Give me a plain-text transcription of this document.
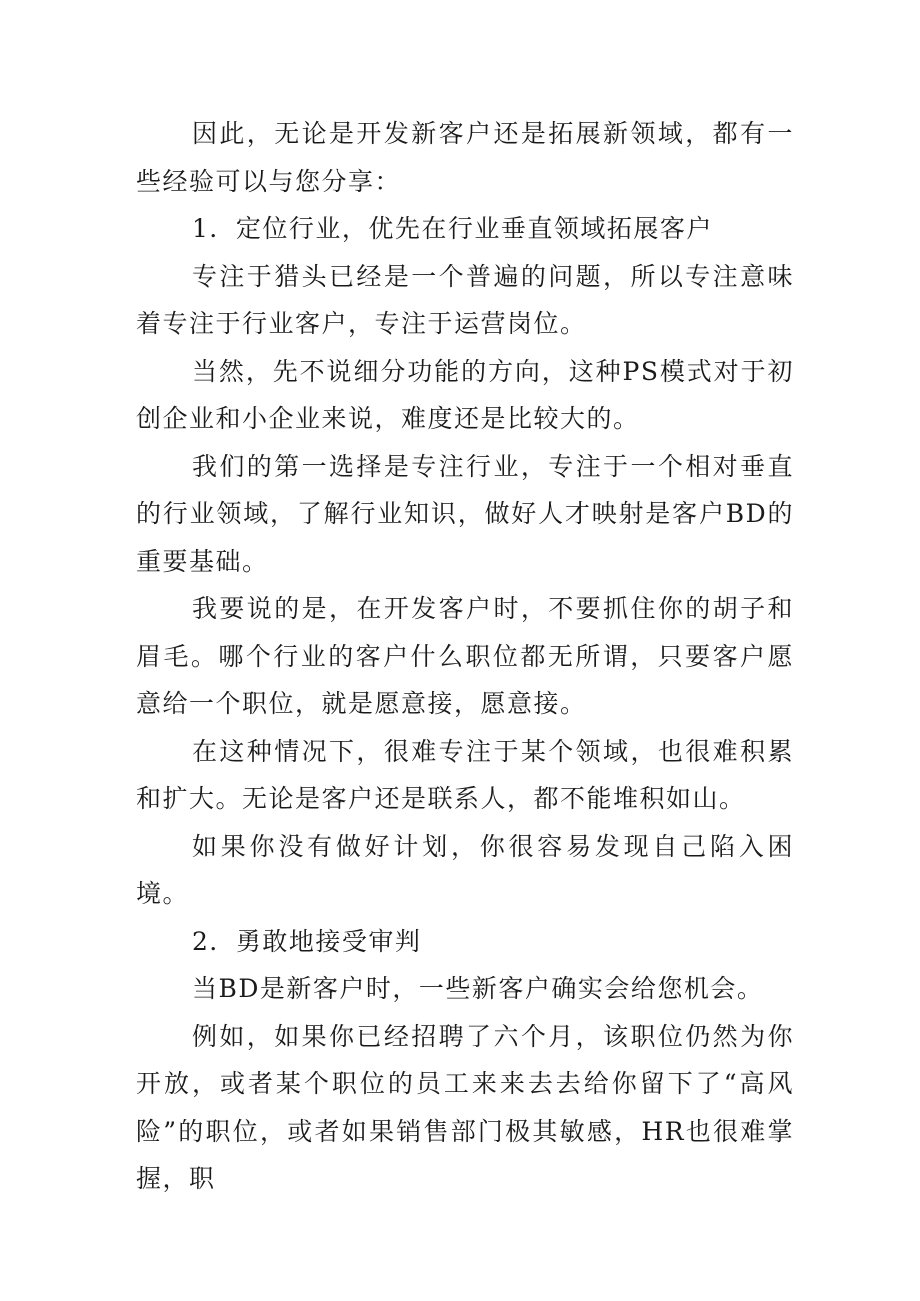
因此，无论是开发新客户还是拓展新领域，都有一些经验可以与您分享：

1．定位行业，优先在行业垂直领域拓展客户

专注于猎头已经是一个普遍的问题，所以专注意味着专注于行业客户，专注于运营岗位。

当然，先不说细分功能的方向，这种PS模式对于初创企业和小企业来说，难度还是比较大的。

我们的第一选择是专注行业，专注于一个相对垂直的行业领域，了解行业知识，做好人才映射是客户BD的重要基础。

我要说的是，在开发客户时，不要抓住你的胡子和眉毛。哪个行业的客户什么职位都无所谓，只要客户愿意给一个职位，就是愿意接，愿意接。

在这种情况下，很难专注于某个领域，也很难积累和扩大。无论是客户还是联系人，都不能堆积如山。

如果你没有做好计划，你很容易发现自己陷入困境。

2．勇敢地接受审判

当BD是新客户时，一些新客户确实会给您机会。

例如，如果你已经招聘了六个月，该职位仍然为你开放，或者某个职位的员工来来去去给你留下了“高风险”的职位，或者如果销售部门极其敏感，HR也很难掌握，职
